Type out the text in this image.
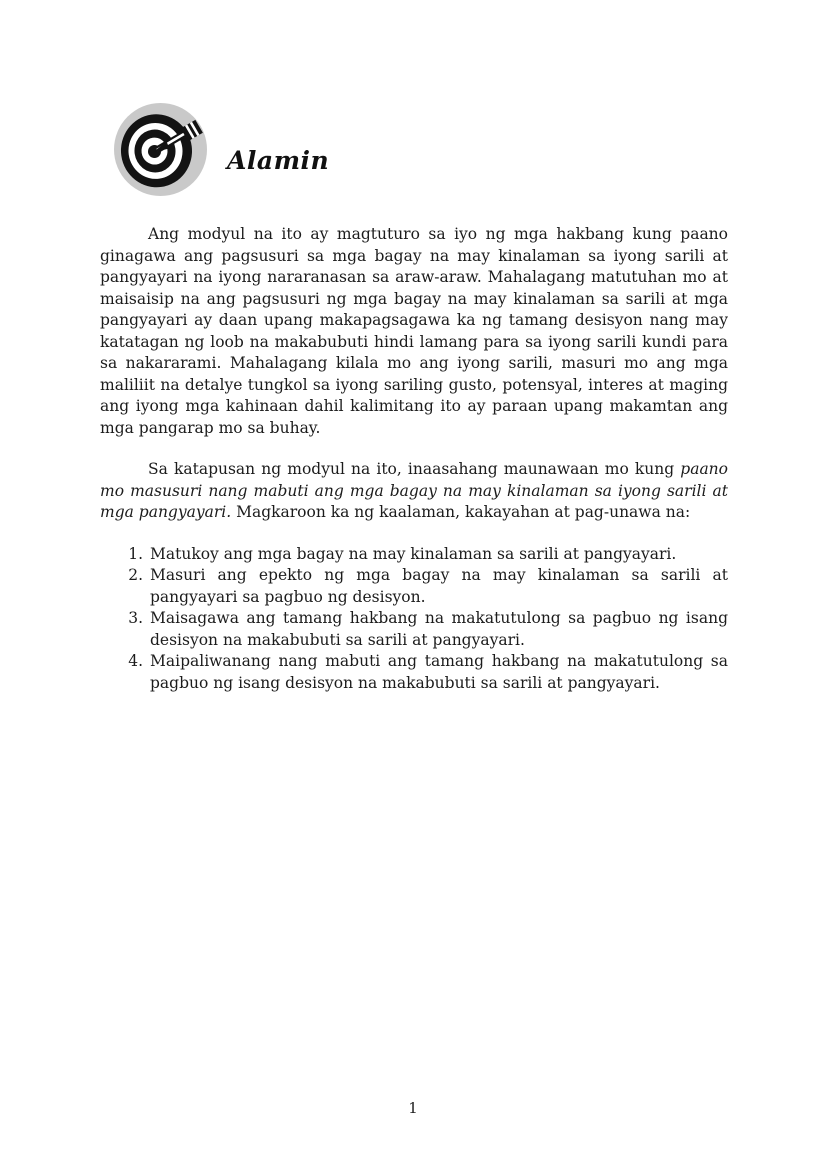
Alamin

Ang modyul na ito ay magtuturo sa iyo ng mga hakbang kung paano ginagawa ang pagsusuri sa mga bagay na may kinalaman sa iyong sarili at pangyayari na iyong nararanasan sa araw-araw. Mahalagang matutuhan mo at maisaisip na ang pagsusuri ng mga bagay na may kinalaman sa sarili at mga pangyayari ay daan upang makapagsagawa ka ng tamang desisyon nang may katatagan ng loob na makabubuti hindi lamang para sa iyong sarili kundi para sa nakararami. Mahalagang kilala mo ang iyong sarili, masuri mo ang mga maliliit na detalye tungkol sa iyong sariling gusto, potensyal, interes at maging ang iyong mga kahinaan dahil kalimitang ito ay paraan upang makamtan ang mga pangarap mo sa buhay.

Sa katapusan ng modyul na ito, inaasahang maunawaan mo kung paano mo masusuri nang mabuti ang mga bagay na may kinalaman sa iyong sarili at mga pangyayari. Magkaroon ka ng kaalaman, kakayahan at pag-unawa na:

1. Matukoy ang mga bagay na may kinalaman sa sarili at pangyayari.
2. Masuri ang epekto ng mga bagay na may kinalaman sa sarili at pangyayari sa pagbuo ng desisyon.
3. Maisagawa ang tamang hakbang na makatutulong sa pagbuo ng isang desisyon na makabubuti sa sarili at pangyayari.
4. Maipaliwanang nang mabuti ang tamang hakbang na makatutulong sa pagbuo ng isang desisyon na makabubuti sa sarili at pangyayari.
1
